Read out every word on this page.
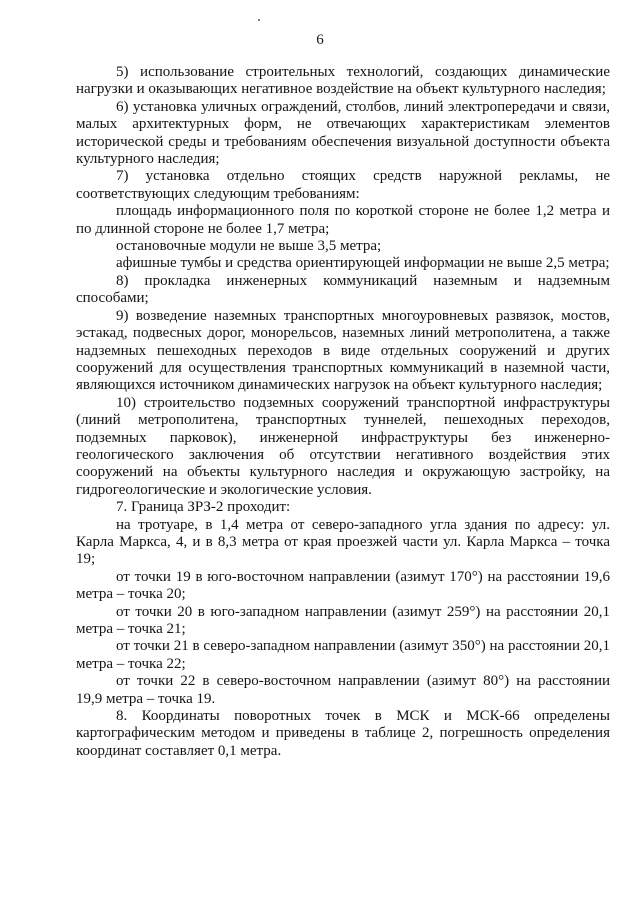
6

5) использование строительных технологий, создающих динамические нагрузки и оказывающих негативное воздействие на объект культурного наследия;

6) установка уличных ограждений, столбов, линий электропередачи и связи, малых архитектурных форм, не отвечающих характеристикам элементов исторической среды и требованиям обеспечения визуальной доступности объекта культурного наследия;

7) установка отдельно стоящих средств наружной рекламы, не соответствующих следующим требованиям:

площадь информационного поля по короткой стороне не более 1,2 метра и по длинной стороне не более 1,7 метра;

остановочные модули не выше 3,5 метра;

афишные тумбы и средства ориентирующей информации не выше 2,5 метра;

8) прокладка инженерных коммуникаций наземным и надземным способами;

9) возведение наземных транспортных многоуровневых развязок, мостов, эстакад, подвесных дорог, монорельсов, наземных линий метрополитена, а также надземных пешеходных переходов в виде отдельных сооружений и других сооружений для осуществления транспортных коммуникаций в наземной части, являющихся источником динамических нагрузок на объект культурного наследия;

10) строительство подземных сооружений транспортной инфраструктуры (линий метрополитена, транспортных туннелей, пешеходных переходов, подземных парковок), инженерной инфраструктуры без инженерно-геологического заключения об отсутствии негативного воздействия этих сооружений на объекты культурного наследия и окружающую застройку, на гидрогеологические и экологические условия.

7. Граница ЗРЗ-2 проходит:

на тротуаре, в 1,4 метра от северо-западного угла здания по адресу: ул. Карла Маркса, 4, и в 8,3 метра от края проезжей части ул. Карла Маркса – точка 19;

от точки 19 в юго-восточном направлении (азимут 170°) на расстоянии 19,6 метра – точка 20;

от точки 20 в юго-западном направлении (азимут 259°) на расстоянии 20,1 метра – точка 21;

от точки 21 в северо-западном направлении (азимут 350°) на расстоянии 20,1 метра – точка 22;

от точки 22 в северо-восточном направлении (азимут 80°) на расстоянии 19,9 метра – точка 19.

8. Координаты поворотных точек в МСК и МСК-66 определены картографическим методом и приведены в таблице 2, погрешность определения координат составляет 0,1 метра.
